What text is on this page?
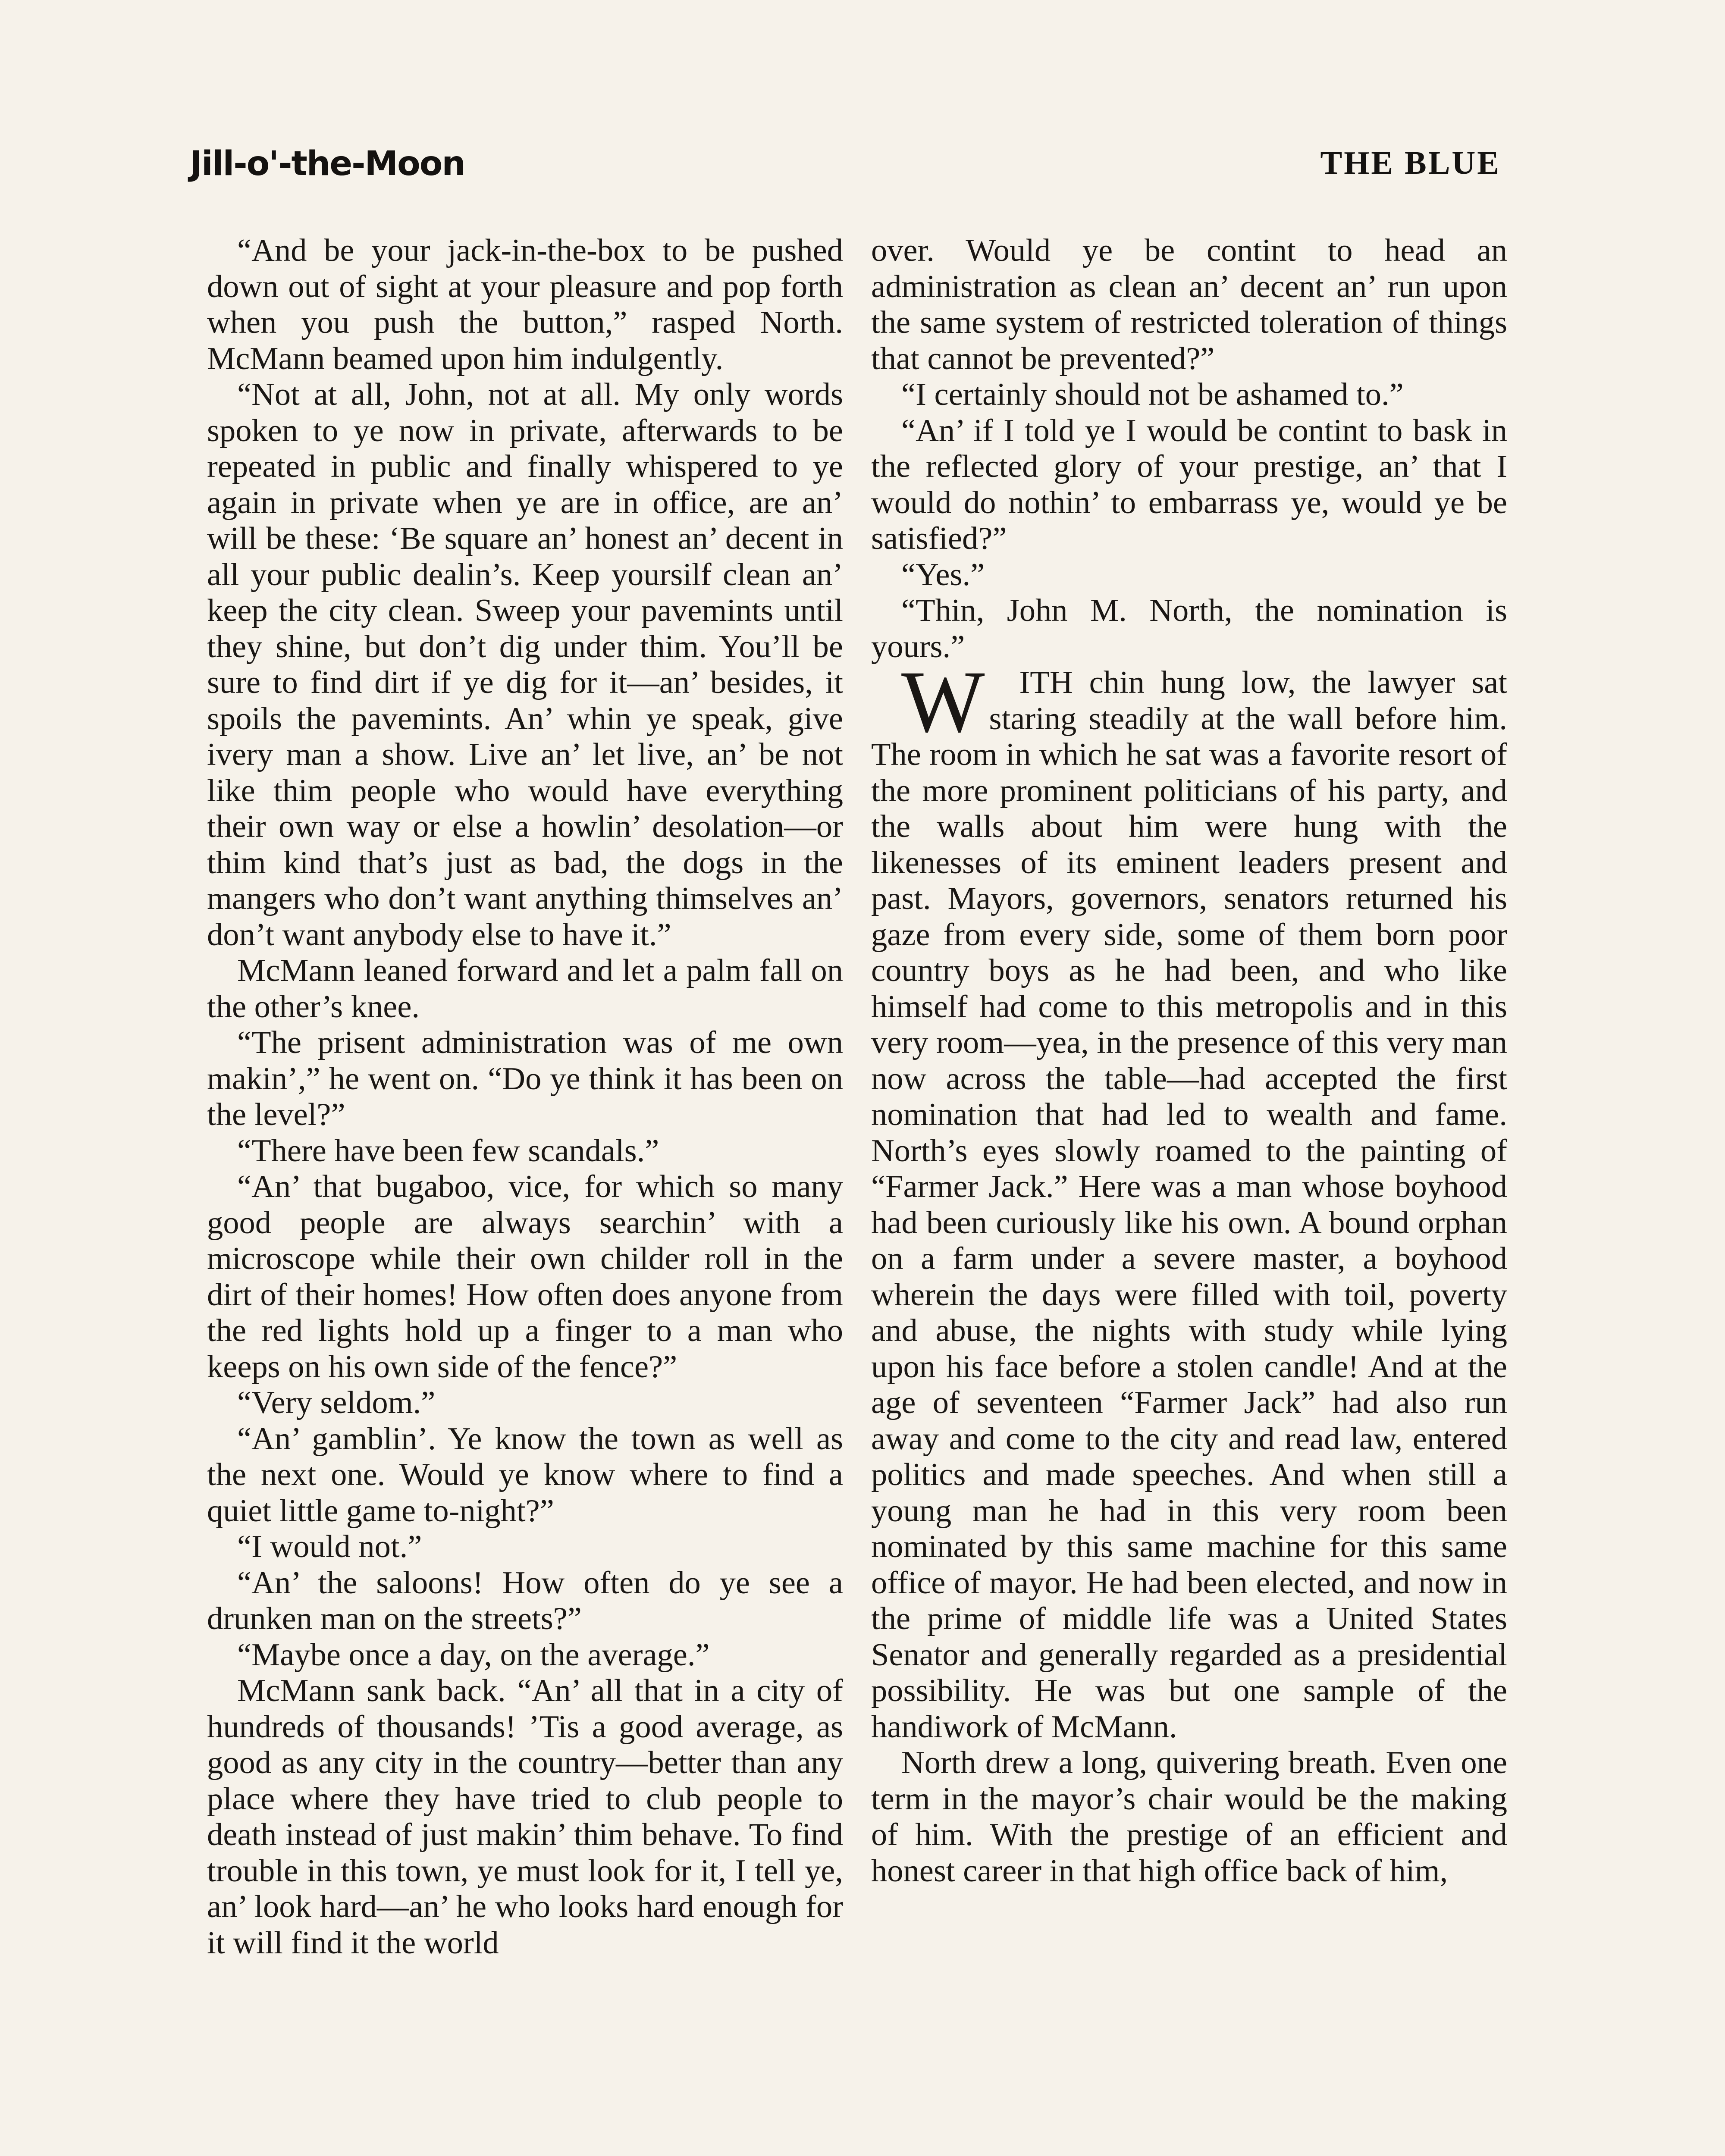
Jill-o'-the-Moon	THE BLUE

“And be your jack-in-the-box to be pushed down out of sight at your pleasure and pop forth when you push the button,” rasped North. McMann beamed upon him indulgently.

“Not at all, John, not at all. My only words spoken to ye now in private, afterwards to be repeated in public and finally whispered to ye again in private when ye are in office, are an’ will be these: ‘Be square an’ honest an’ decent in all your public dealin’s. Keep yoursilf clean an’ keep the city clean. Sweep your pavemints until they shine, but don’t dig under thim. You’ll be sure to find dirt if ye dig for it—an’ besides, it spoils the pavemints. An’ whin ye speak, give ivery man a show. Live an’ let live, an’ be not like thim people who would have everything their own way or else a howlin’ desolation—or thim kind that’s just as bad, the dogs in the mangers who don’t want anything thimselves an’ don’t want anybody else to have it.”

McMann leaned forward and let a palm fall on the other’s knee.

“The prisent administration was of me own makin’,” he went on. “Do ye think it has been on the level?”

“There have been few scandals.”

“An’ that bugaboo, vice, for which so many good people are always searchin’ with a microscope while their own childer roll in the dirt of their homes! How often does anyone from the red lights hold up a finger to a man who keeps on his own side of the fence?”

“Very seldom.”

“An’ gamblin’. Ye know the town as well as the next one. Would ye know where to find a quiet little game to-night?”

“I would not.”

“An’ the saloons! How often do ye see a drunken man on the streets?”

“Maybe once a day, on the average.”

McMann sank back. “An’ all that in a city of hundreds of thousands! ’Tis a good average, as good as any city in the country—better than any place where they have tried to club people to death instead of just makin’ thim behave. To find trouble in this town, ye must look for it, I tell ye, an’ look hard—an’ he who looks hard enough for it will find it the world

over. Would ye be contint to head an administration as clean an’ decent an’ run upon the same system of restricted toleration of things that cannot be prevented?”

“I certainly should not be ashamed to.”

“An’ if I told ye I would be contint to bask in the reflected glory of your prestige, an’ that I would do nothin’ to embarrass ye, would ye be satisfied?”

“Yes.”

“Thin, John M. North, the nomination is yours.”

W ITH chin hung low, the lawyer sat staring steadily at the wall before him. The room in which he sat was a favorite resort of the more prominent politicians of his party, and the walls about him were hung with the likenesses of its eminent leaders present and past. Mayors, governors, senators returned his gaze from every side, some of them born poor country boys as he had been, and who like himself had come to this metropolis and in this very room—yea, in the presence of this very man now across the table—had accepted the first nomination that had led to wealth and fame. North’s eyes slowly roamed to the painting of “Farmer Jack.” Here was a man whose boyhood had been curiously like his own. A bound orphan on a farm under a severe master, a boyhood wherein the days were filled with toil, poverty and abuse, the nights with study while lying upon his face before a stolen candle! And at the age of seventeen “Farmer Jack” had also run away and come to the city and read law, entered politics and made speeches. And when still a young man he had in this very room been nominated by this same machine for this same office of mayor. He had been elected, and now in the prime of middle life was a United States Senator and generally regarded as a presidential possibility. He was but one sample of the handiwork of McMann.

North drew a long, quivering breath. Even one term in the mayor’s chair would be the making of him. With the prestige of an efficient and honest career in that high office back of him,
